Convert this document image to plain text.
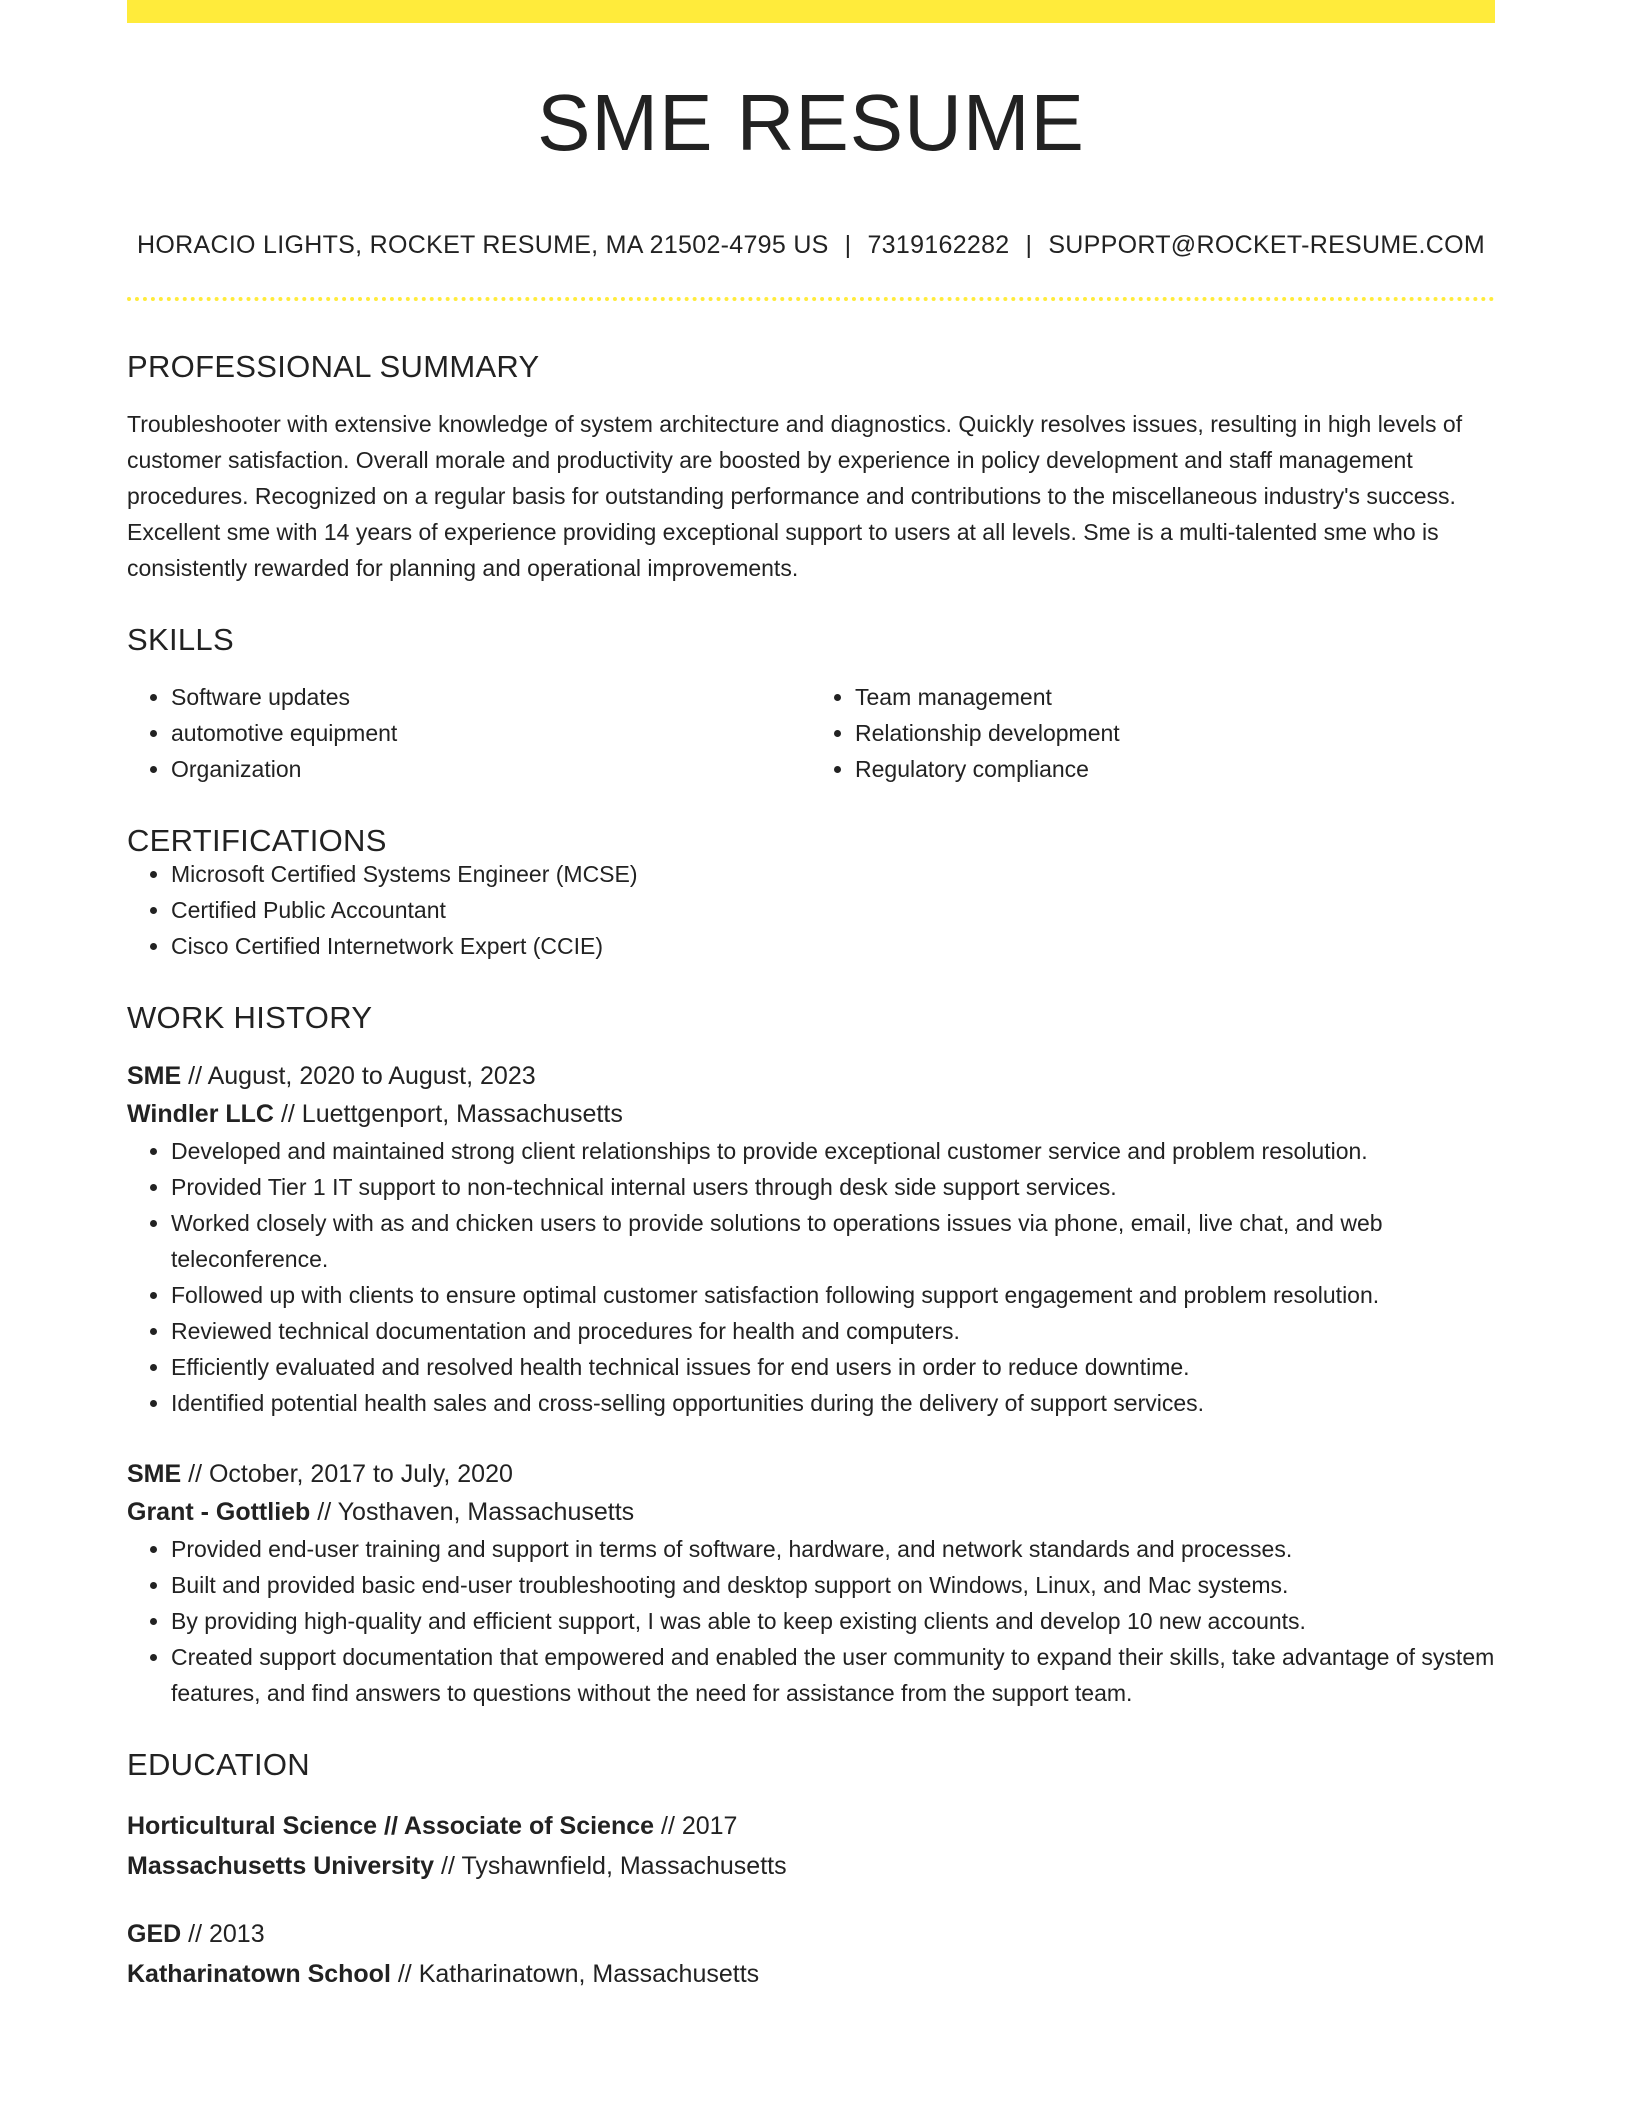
SME RESUME
HORACIO LIGHTS, ROCKET RESUME, MA 21502-4795 US | 7319162282 | SUPPORT@ROCKET-RESUME.COM
PROFESSIONAL SUMMARY

Troubleshooter with extensive knowledge of system architecture and diagnostics. Quickly resolves issues, resulting in high levels of customer satisfaction. Overall morale and productivity are boosted by experience in policy development and staff management procedures. Recognized on a regular basis for outstanding performance and contributions to the miscellaneous industry's success. Excellent sme with 14 years of experience providing exceptional support to users at all levels. Sme is a multi-talented sme who is consistently rewarded for planning and operational improvements.

SKILLS
• Software updates
• automotive equipment
• Organization
• Team management
• Relationship development
• Regulatory compliance
CERTIFICATIONS
• Microsoft Certified Systems Engineer (MCSE)
• Certified Public Accountant
• Cisco Certified Internetwork Expert (CCIE)
WORK HISTORY
SME // August, 2020 to August, 2023
Windler LLC // Luettgenport, Massachusetts
• Developed and maintained strong client relationships to provide exceptional customer service and problem resolution.
• Provided Tier 1 IT support to non-technical internal users through desk side support services.
• Worked closely with as and chicken users to provide solutions to operations issues via phone, email, live chat, and web teleconference.
• Followed up with clients to ensure optimal customer satisfaction following support engagement and problem resolution.
• Reviewed technical documentation and procedures for health and computers.
• Efficiently evaluated and resolved health technical issues for end users in order to reduce downtime.
• Identified potential health sales and cross-selling opportunities during the delivery of support services.
SME // October, 2017 to July, 2020
Grant - Gottlieb // Yosthaven, Massachusetts
• Provided end-user training and support in terms of software, hardware, and network standards and processes.
• Built and provided basic end-user troubleshooting and desktop support on Windows, Linux, and Mac systems.
• By providing high-quality and efficient support, I was able to keep existing clients and develop 10 new accounts.
• Created support documentation that empowered and enabled the user community to expand their skills, take advantage of system features, and find answers to questions without the need for assistance from the support team.
EDUCATION
Horticultural Science // Associate of Science // 2017
Massachusetts University // Tyshawnfield, Massachusetts
GED // 2013
Katharinatown School // Katharinatown, Massachusetts
